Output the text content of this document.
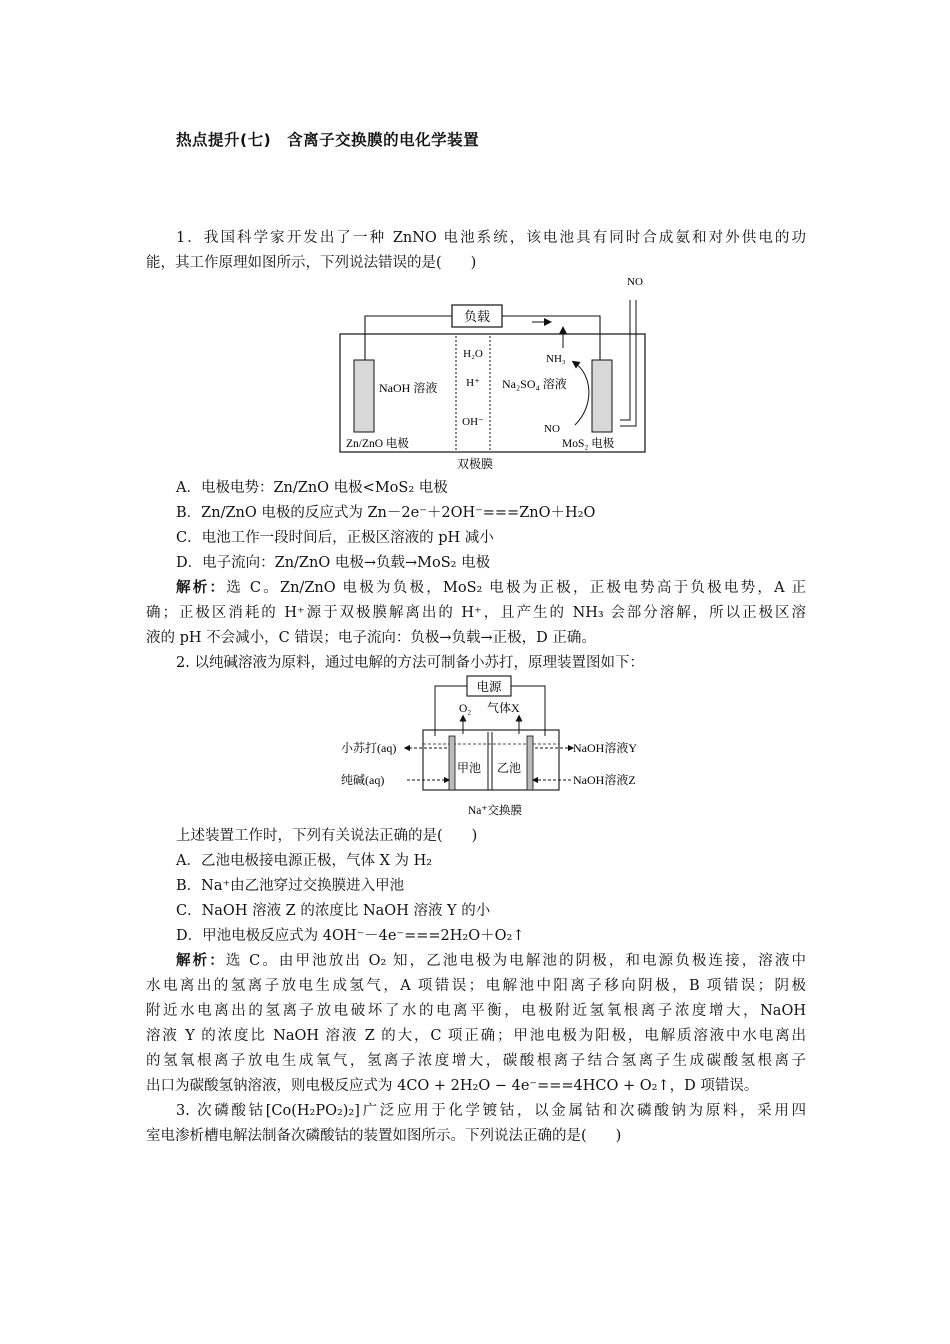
热点提升(七)　含离子交换膜的电化学装置
1．我国科学家开发出了一种 ZnNO 电池系统，该电池具有同时合成氨和对外供电的功
能，其工作原理如图所示，下列说法错误的是(　　)
负载
NO
H₂O
H⁺
OH⁻
NaOH 溶液	Na₂SO₄ 溶液
NH₃
NO
Zn/ZnO 电极	MoS₂ 电极
双极膜
A．电极电势：Zn/ZnO 电极<MoS₂ 电极
B．Zn/ZnO 电极的反应式为 Zn－2e⁻＋2OH⁻===ZnO＋H₂O
C．电池工作一段时间后，正极区溶液的 pH 减小
D．电子流向：Zn/ZnO 电极→负载→MoS₂ 电极
解析：选 C。Zn/ZnO 电极为负极，MoS₂ 电极为正极，正极电势高于负极电势，A 正
确；正极区消耗的 H⁺源于双极膜解离出的 H⁺，且产生的 NH₃ 会部分溶解，所以正极区溶
液的 pH 不会减小，C 错误；电子流向：负极→负载→正极，D 正确。
2. 以纯碱溶液为原料，通过电解的方法可制备小苏打，原理装置图如下：
电源
O₂ 气体X
小苏打(aq)
纯碱(aq)
NaOH溶液Y
NaOH溶液Z
甲池 乙池
Na⁺交换膜
上述装置工作时，下列有关说法正确的是(　　)
A．乙池电极接电源正极，气体 X 为 H₂
B．Na⁺由乙池穿过交换膜进入甲池
C．NaOH 溶液 Z 的浓度比 NaOH 溶液 Y 的小
D．甲池电极反应式为 4OH⁻－4e⁻===2H₂O＋O₂↑
解析：选 C。由甲池放出 O₂ 知，乙池电极为电解池的阴极，和电源负极连接，溶液中
水电离出的氢离子放电生成氢气，A 项错误；电解池中阳离子移向阴极，B 项错误；阴极
附近水电离出的氢离子放电破坏了水的电离平衡，电极附近氢氧根离子浓度增大，NaOH
溶液 Y 的浓度比 NaOH 溶液 Z 的大，C 项正确；甲池电极为阳极，电解质溶液中水电离出
的氢氧根离子放电生成氧气，氢离子浓度增大，碳酸根离子结合氢离子生成碳酸氢根离子
出口为碳酸氢钠溶液，则电极反应式为 4CO + 2H₂O − 4e⁻===4HCO + O₂↑，D 项错误。
3. 次磷酸钴[Co(H₂PO₂)₂]广泛应用于化学镀钴，以金属钴和次磷酸钠为原料，采用四
室电渗析槽电解法制备次磷酸钴的装置如图所示。下列说法正确的是(　　)
